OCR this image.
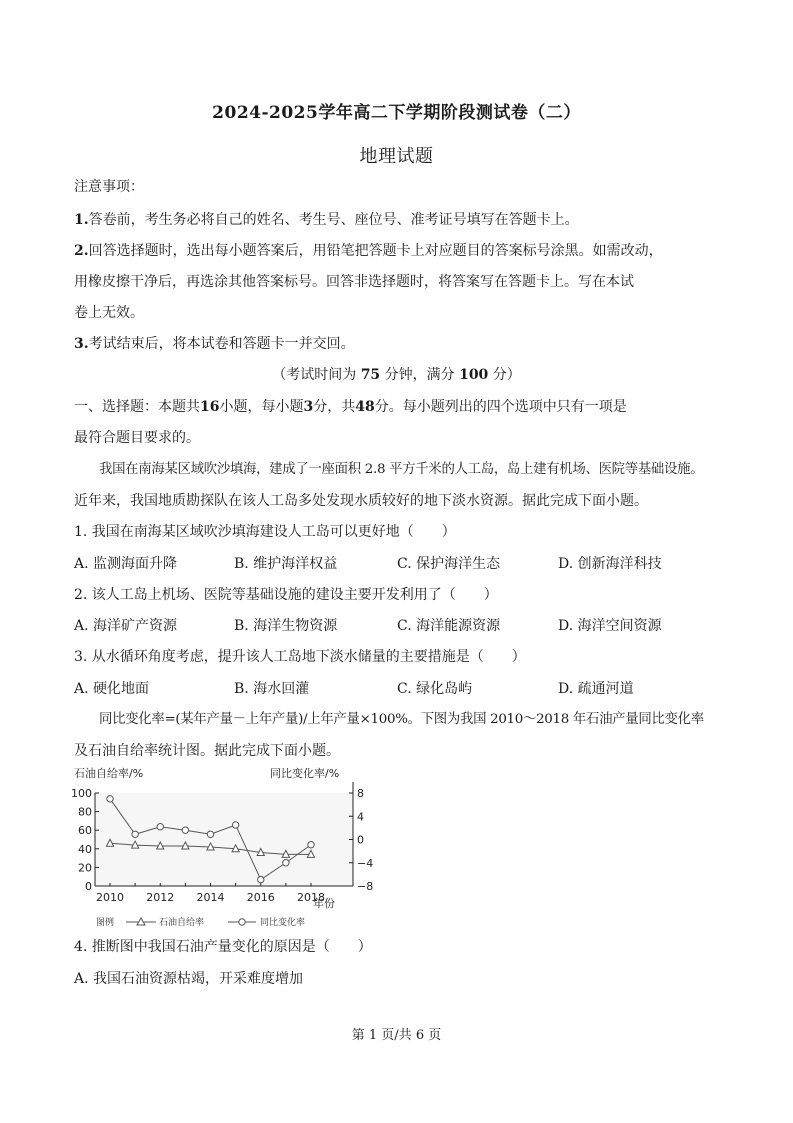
2024-2025学年高二下学期阶段测试卷（二）
地理试题
注意事项：
1.答卷前，考生务必将自己的姓名、考生号、座位号、准考证号填写在答题卡上。
2.回答选择题时，选出每小题答案后，用铅笔把答题卡上对应题目的答案标号涂黑。如需改动，
用橡皮擦干净后，再选涂其他答案标号。回答非选择题时，将答案写在答题卡上。写在本试
卷上无效。
3.考试结束后，将本试卷和答题卡一并交回。
（考试时间为 75 分钟，满分 100 分）
一、选择题：本题共16小题，每小题3分，共48分。每小题列出的四个选项中只有一项是
最符合题目要求的。
我国在南海某区域吹沙填海，建成了一座面积 2.8 平方千米的人工岛，岛上建有机场、医院等基础设施。
近年来，我国地质勘探队在该人工岛多处发现水质较好的地下淡水资源。据此完成下面小题。
1. 我国在南海某区域吹沙填海建设人工岛可以更好地（　　）
A. 监测海面升降	B. 维护海洋权益	C. 保护海洋生态	D. 创新海洋科技
2. 该人工岛上机场、医院等基础设施的建设主要开发利用了（　　）
A. 海洋矿产资源	B. 海洋生物资源	C. 海洋能源资源	D. 海洋空间资源
3. 从水循环角度考虑，提升该人工岛地下淡水储量的主要措施是（　　）
A. 硬化地面	B. 海水回灌	C. 绿化岛屿	D. 疏通河道
同比变化率=(某年产量－上年产量)/上年产量×100%。下图为我国 2010～2018 年石油产量同比变化率
及石油自给率统计图。据此完成下面小题。
石油自给率/%	同比变化率/%
年份
100
80
60
40
20
0
8
4
0
−4
−8
2010 2012 2014 2016 2018
图例	石油自给率	同比变化率
4. 推断图中我国石油产量变化的原因是（　　）
A. 我国石油资源枯竭，开采难度增加
第 1 页/共 6 页
